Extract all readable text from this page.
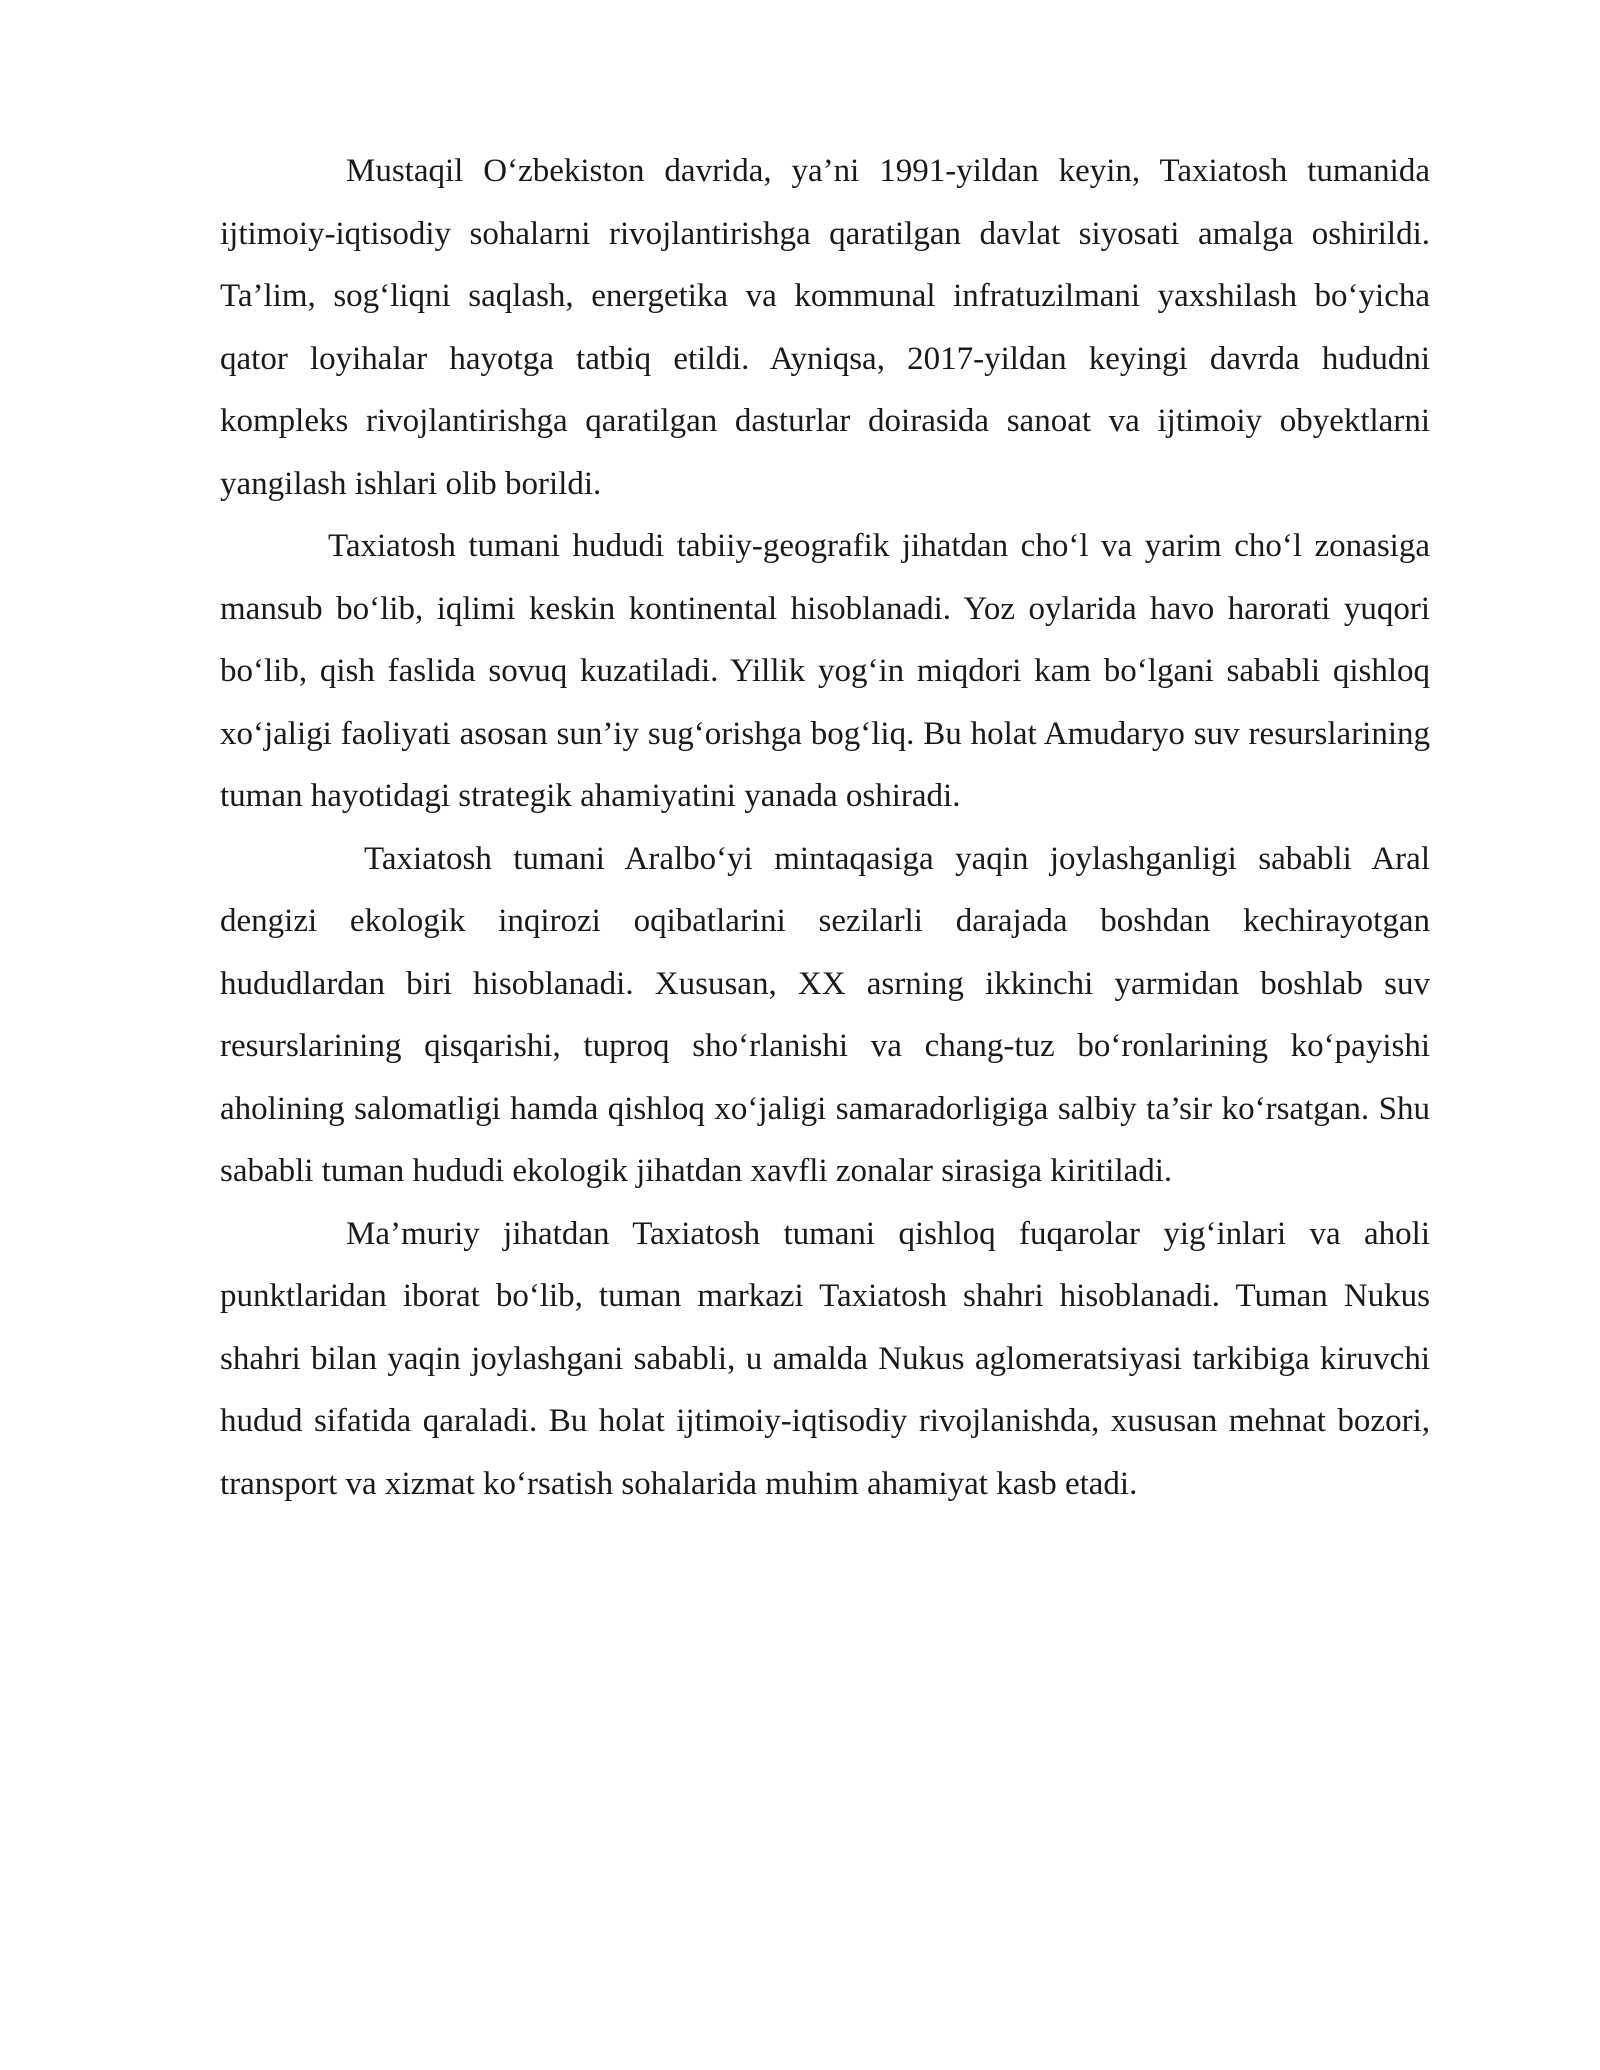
Mustaqil O‘zbekiston davrida, ya’ni 1991-yildan keyin, Taxiatosh tumanida ijtimoiy-iqtisodiy sohalarni rivojlantirishga qaratilgan davlat siyosati amalga oshirildi. Ta’lim, sog‘liqni saqlash, energetika va kommunal infratuzilmani yaxshilash bo‘yicha qator loyihalar hayotga tatbiq etildi. Ayniqsa, 2017-yildan keyingi davrda hududni kompleks rivojlantirishga qaratilgan dasturlar doirasida sanoat va ijtimoiy obyektlarni yangilash ishlari olib borildi.

Taxiatosh tumani hududi tabiiy-geografik jihatdan cho‘l va yarim cho‘l zonasiga mansub bo‘lib, iqlimi keskin kontinental hisoblanadi. Yoz oylarida havo harorati yuqori bo‘lib, qish faslida sovuq kuzatiladi. Yillik yog‘in miqdori kam bo‘lgani sababli qishloq xo‘jaligi faoliyati asosan sun’iy sug‘orishga bog‘liq. Bu holat Amudaryo suv resurslarining tuman hayotidagi strategik ahamiyatini yanada oshiradi.

Taxiatosh tumani Aralbo‘yi mintaqasiga yaqin joylashganligi sababli Aral dengizi ekologik inqirozi oqibatlarini sezilarli darajada boshdan kechirayotgan hududlardan biri hisoblanadi. Xususan, XX asrning ikkinchi yarmidan boshlab suv resurslarining qisqarishi, tuproq sho‘rlanishi va chang-tuz bo‘ronlarining ko‘payishi aholining salomatligi hamda qishloq xo‘jaligi samaradorligiga salbiy ta’sir ko‘rsatgan. Shu sababli tuman hududi ekologik jihatdan xavfli zonalar sirasiga kiritiladi.

Ma’muriy jihatdan Taxiatosh tumani qishloq fuqarolar yig‘inlari va aholi punktlaridan iborat bo‘lib, tuman markazi Taxiatosh shahri hisoblanadi. Tuman Nukus shahri bilan yaqin joylashgani sababli, u amalda Nukus aglomeratsiyasi tarkibiga kiruvchi hudud sifatida qaraladi. Bu holat ijtimoiy-iqtisodiy rivojlanishda, xususan mehnat bozori, transport va xizmat ko‘rsatish sohalarida muhim ahamiyat kasb etadi.
